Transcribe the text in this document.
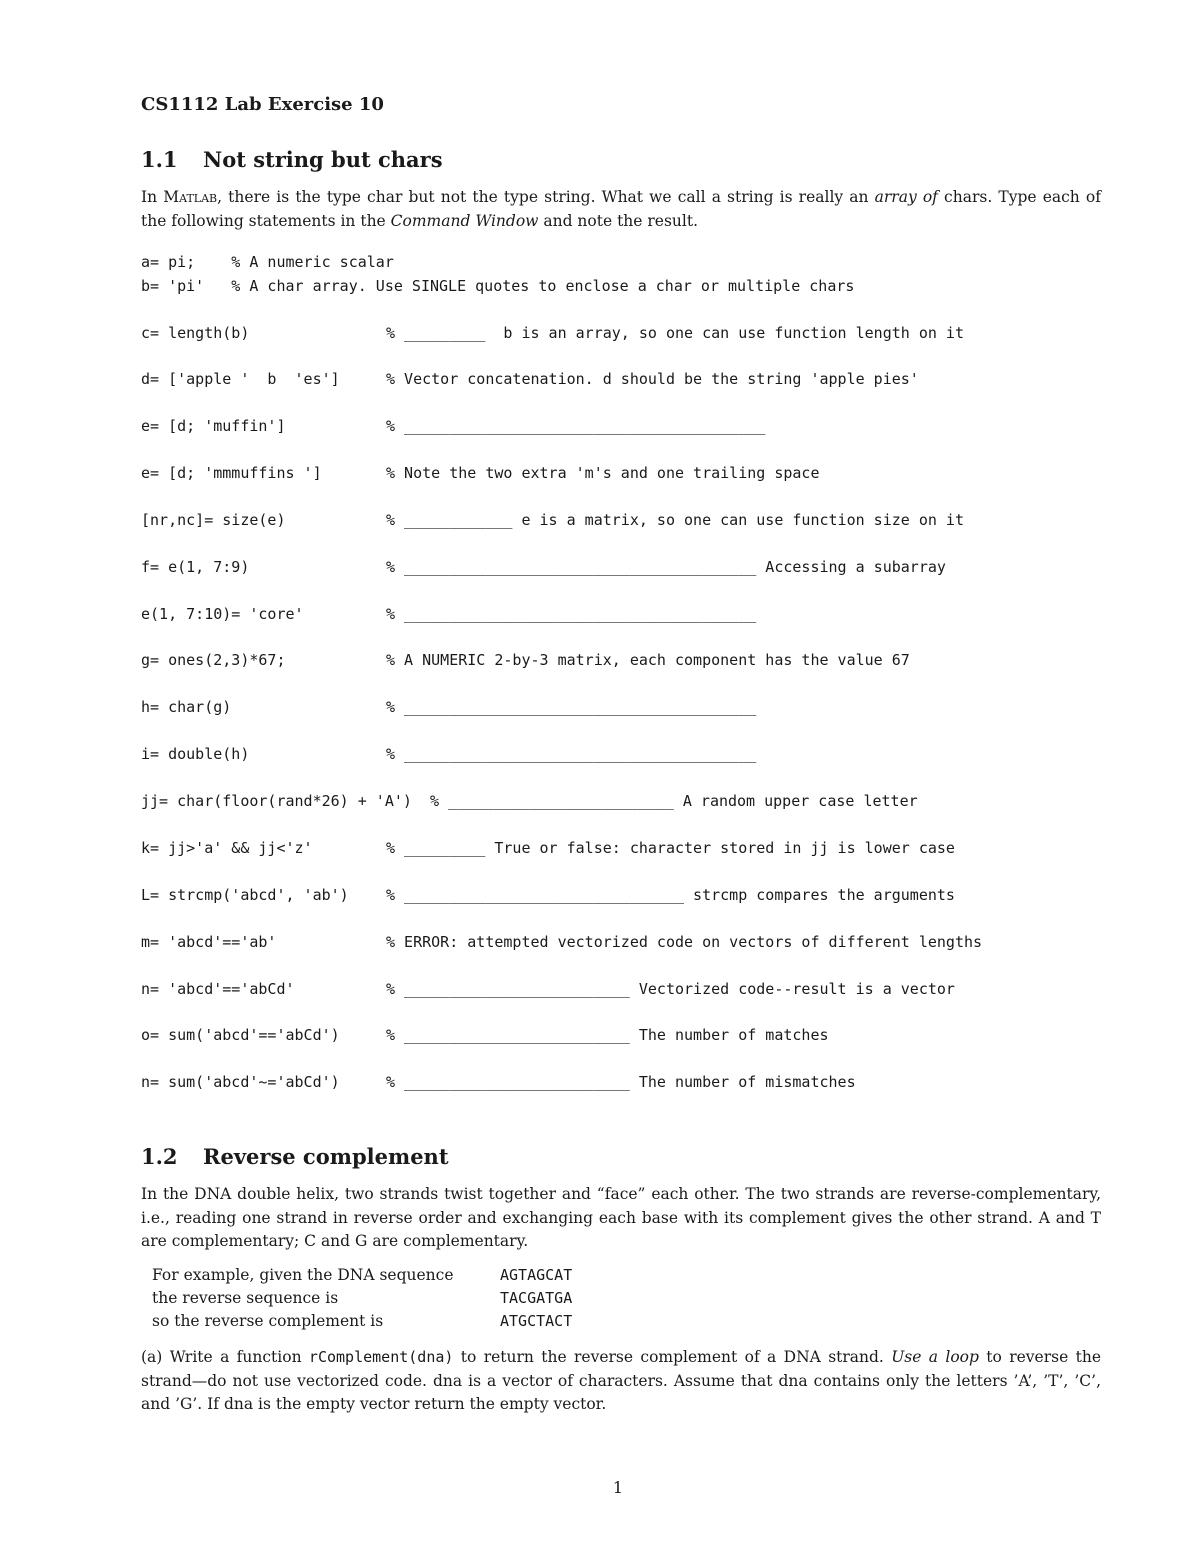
CS1112 Lab Exercise 10
1.1 Not string but chars
In Matlab, there is the type char but not the type string. What we call a string is really an array of chars. Type each of the following statements in the Command Window and note the result.
a= pi;    % A numeric scalar
b= 'pi'   % A char array. Use SINGLE quotes to enclose a char or multiple chars
c= length(b)	% _________  b is an array, so one can use function length on it
d= ['apple '  b  'es']	% Vector concatenation. d should be the string 'apple pies'
e= [d; 'muffin']	% ________________________________________
e= [d; 'mmmuffins ']	% Note the two extra 'm's and one trailing space
[nr,nc]= size(e)	% ____________ e is a matrix, so one can use function size on it
f= e(1, 7:9)	% _______________________________________ Accessing a subarray
e(1, 7:10)= 'core'	% _______________________________________
g= ones(2,3)*67;	% A NUMERIC 2-by-3 matrix, each component has the value 67
h= char(g)	% _______________________________________
i= double(h)	% _______________________________________
jj= char(floor(rand*26) + 'A')  % _________________________ A random upper case letter
k= jj>'a' && jj<'z'	% _________ True or false: character stored in jj is lower case
L= strcmp('abcd', 'ab') % _______________________________ strcmp compares the arguments
m= 'abcd'=='ab'	% ERROR: attempted vectorized code on vectors of different lengths
n= 'abcd'=='abCd'	% _________________________ Vectorized code--result is a vector
o= sum('abcd'=='abCd')	% _________________________ The number of matches
n= sum('abcd'~='abCd')	% _________________________ The number of mismatches
1.2 Reverse complement
In the DNA double helix, two strands twist together and “face” each other. The two strands are reverse-complementary, i.e., reading one strand in reverse order and exchanging each base with its complement gives the other strand. A and T are complementary; C and G are complementary.
For example, given the DNA sequence	AGTAGCAT
the reverse sequence is	TACGATGA
so the reverse complement is	ATGCTACT
(a) Write a function rComplement(dna) to return the reverse complement of a DNA strand. Use a loop to reverse the strand—do not use vectorized code. dna is a vector of characters. Assume that dna contains only the letters ’A’, ’T’, ’C’, and ’G’. If dna is the empty vector return the empty vector.
1
